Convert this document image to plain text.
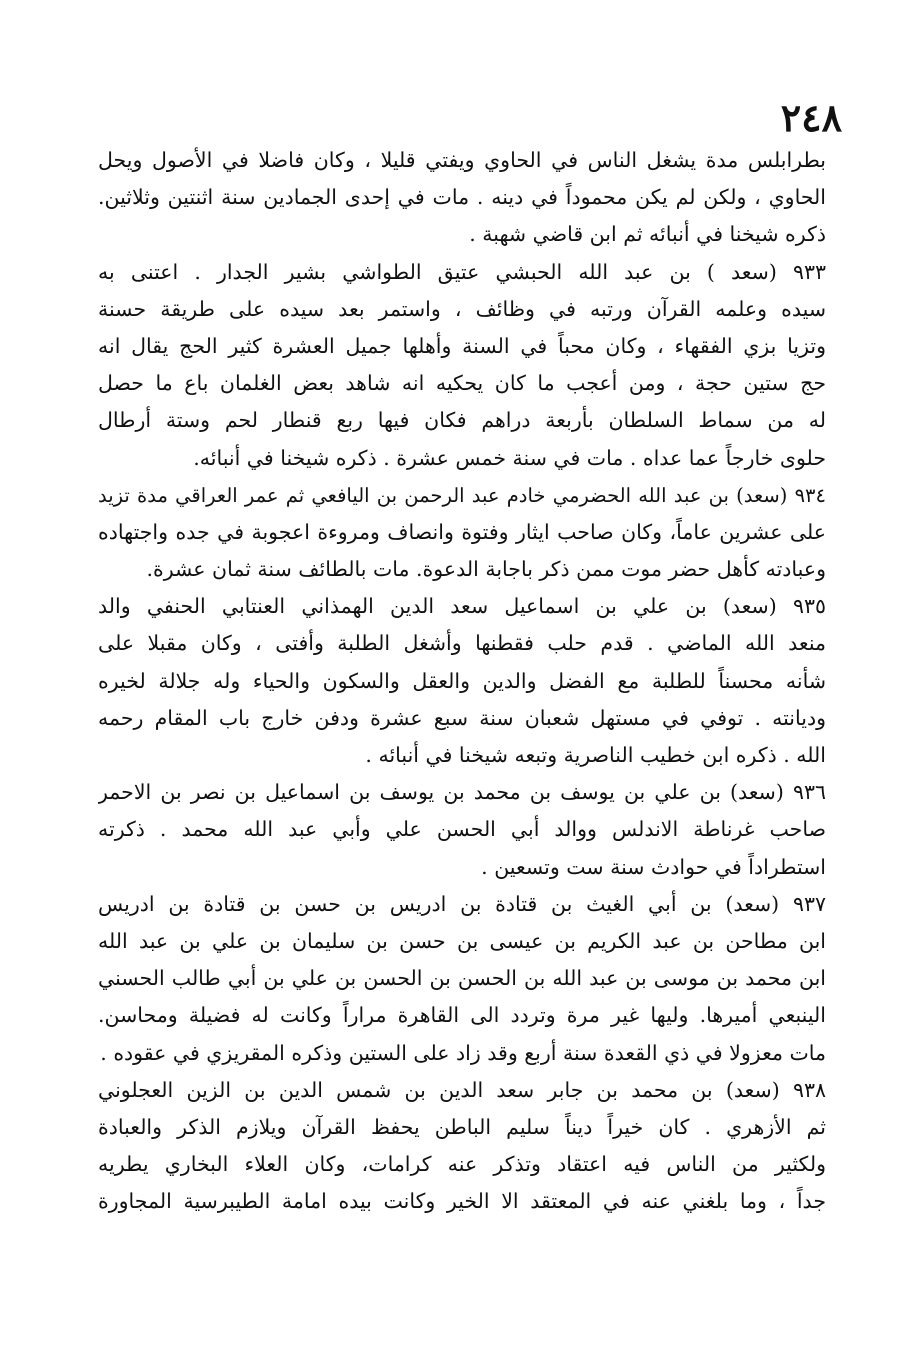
٢٤٨
بطرابلس مدة يشغل الناس في الحاوي ويفتي قليلا ، وكان فاضلا في الأصول ويحل
الحاوي ، ولكن لم يكن محموداً في دينه . مات في إحدى الجمادين سنة اثنتين وثلاثين.
ذكره شيخنا في أنبائه ثم ابن قاضي شهبة .
٩٣٣ (سعد ) بن عبد الله الحبشي عتيق الطواشي بشير الجدار . اعتنى به
سيده وعلمه القرآن ورتبه في وظائف ، واستمر بعد سيده على طريقة حسنة
وتزيا بزي الفقهاء ، وكان محباً في السنة وأهلها جميل العشرة كثير الحج يقال انه
حج ستين حجة ، ومن أعجب ما كان يحكيه انه شاهد بعض الغلمان باع ما حصل
له من سماط السلطان بأربعة دراهم فكان فيها ربع قنطار لحم وستة أرطال
حلوى خارجاً عما عداه . مات في سنة خمس عشرة . ذكره شيخنا في أنبائه.
٩٣٤ (سعد) بن عبد الله الحضرمي خادم عبد الرحمن بن اليافعي ثم عمر العراقي مدة تزيد
على عشرين عاماً، وكان صاحب ايثار وفتوة وانصاف ومروءة اعجوبة في جده واجتهاده
وعبادته كأهل حضر موت ممن ذكر باجابة الدعوة. مات بالطائف سنة ثمان عشرة.
٩٣٥ (سعد) بن علي بن اسماعيل سعد الدين الهمذاني العنتابي الحنفي والد
منعد الله الماضي . قدم حلب فقطنها وأشغل الطلبة وأفتى ، وكان مقبلا على
شأنه محسناً للطلبة مع الفضل والدين والعقل والسكون والحياء وله جلالة لخيره
وديانته . توفي في مستهل شعبان سنة سبع عشرة ودفن خارج باب المقام رحمه
الله . ذكره ابن خطيب الناصرية وتبعه شيخنا في أنبائه .
٩٣٦ (سعد) بن علي بن يوسف بن محمد بن يوسف بن اسماعيل بن نصر بن الاحمر
صاحب غرناطة الاندلس ووالد أبي الحسن علي وأبي عبد الله محمد . ذكرته
استطراداً في حوادث سنة ست وتسعين .
٩٣٧ (سعد) بن أبي الغيث بن قتادة بن ادريس بن حسن بن قتادة بن ادريس
ابن مطاحن بن عبد الكريم بن عيسى بن حسن بن سليمان بن علي بن عبد الله
ابن محمد بن موسى بن عبد الله بن الحسن بن الحسن بن علي بن أبي طالب الحسني
الينبعي أميرها. وليها غير مرة وتردد الى القاهرة مراراً وكانت له فضيلة ومحاسن.
مات معزولا في ذي القعدة سنة أربع وقد زاد على الستين وذكره المقريزي في عقوده .
٩٣٨ (سعد) بن محمد بن جابر سعد الدين بن شمس الدين بن الزين العجلوني
ثم الأزهري . كان خيراً ديناً سليم الباطن يحفظ القرآن ويلازم الذكر والعبادة
ولكثير من الناس فيه اعتقاد وتذكر عنه كرامات، وكان العلاء البخاري يطريه
جداً ، وما بلغني عنه في المعتقد الا الخير وكانت بيده امامة الطيبرسية المجاورة
